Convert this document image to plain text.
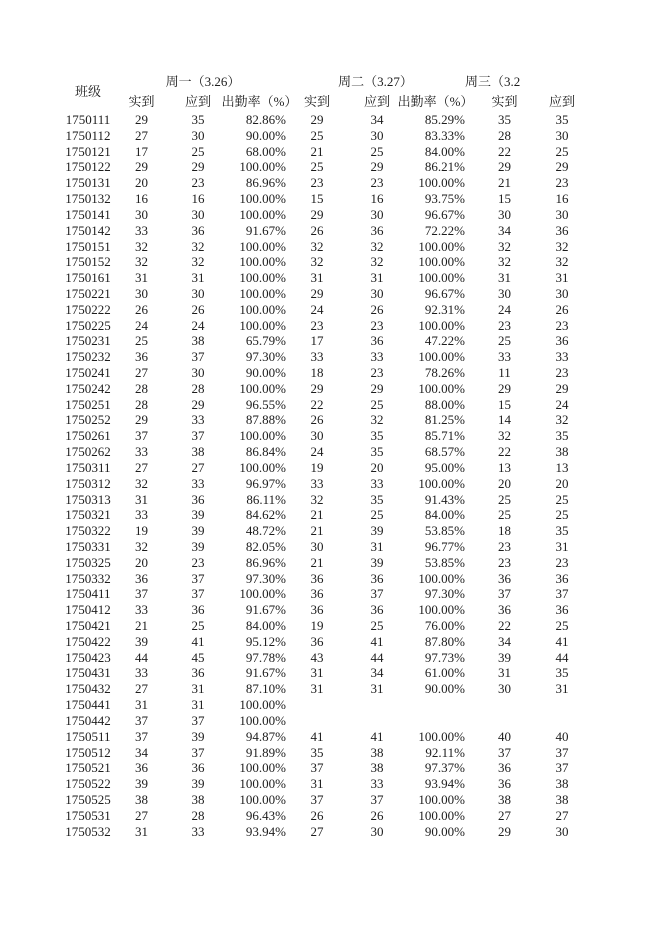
班级	周一（3.26）			周二（3.27）			周三（3.2		
	实到	应到	出勤率（%）	实到	应到	出勤率（%）	实到	应到	
1750111	29	35	82.86%	29	34	85.29%	35	35	
1750112	27	30	90.00%	25	30	83.33%	28	30	
1750121	17	25	68.00%	21	25	84.00%	22	25	
1750122	29	29	100.00%	25	29	86.21%	29	29	
1750131	20	23	86.96%	23	23	100.00%	21	23	
1750132	16	16	100.00%	15	16	93.75%	15	16	
1750141	30	30	100.00%	29	30	96.67%	30	30	
1750142	33	36	91.67%	26	36	72.22%	34	36	
1750151	32	32	100.00%	32	32	100.00%	32	32	
1750152	32	32	100.00%	32	32	100.00%	32	32	
1750161	31	31	100.00%	31	31	100.00%	31	31	
1750221	30	30	100.00%	29	30	96.67%	30	30	
1750222	26	26	100.00%	24	26	92.31%	24	26	
1750225	24	24	100.00%	23	23	100.00%	23	23	
1750231	25	38	65.79%	17	36	47.22%	25	36	
1750232	36	37	97.30%	33	33	100.00%	33	33	
1750241	27	30	90.00%	18	23	78.26%	11	23	
1750242	28	28	100.00%	29	29	100.00%	29	29	
1750251	28	29	96.55%	22	25	88.00%	15	24	
1750252	29	33	87.88%	26	32	81.25%	14	32	
1750261	37	37	100.00%	30	35	85.71%	32	35	
1750262	33	38	86.84%	24	35	68.57%	22	38	
1750311	27	27	100.00%	19	20	95.00%	13	13	
1750312	32	33	96.97%	33	33	100.00%	20	20	
1750313	31	36	86.11%	32	35	91.43%	25	25	
1750321	33	39	84.62%	21	25	84.00%	25	25	
1750322	19	39	48.72%	21	39	53.85%	18	35	
1750331	32	39	82.05%	30	31	96.77%	23	31	
1750325	20	23	86.96%	21	39	53.85%	23	23	
1750332	36	37	97.30%	36	36	100.00%	36	36	
1750411	37	37	100.00%	36	37	97.30%	37	37	
1750412	33	36	91.67%	36	36	100.00%	36	36	
1750421	21	25	84.00%	19	25	76.00%	22	25	
1750422	39	41	95.12%	36	41	87.80%	34	41	
1750423	44	45	97.78%	43	44	97.73%	39	44	
1750431	33	36	91.67%	31	34	61.00%	31	35	
1750432	27	31	87.10%	31	31	90.00%	30	31	
1750441	31	31	100.00%						
1750442	37	37	100.00%						
1750511	37	39	94.87%	41	41	100.00%	40	40	
1750512	34	37	91.89%	35	38	92.11%	37	37	
1750521	36	36	100.00%	37	38	97.37%	36	37	
1750522	39	39	100.00%	31	33	93.94%	36	38	
1750525	38	38	100.00%	37	37	100.00%	38	38	
1750531	27	28	96.43%	26	26	100.00%	27	27	
1750532	31	33	93.94%	27	30	90.00%	29	30	
